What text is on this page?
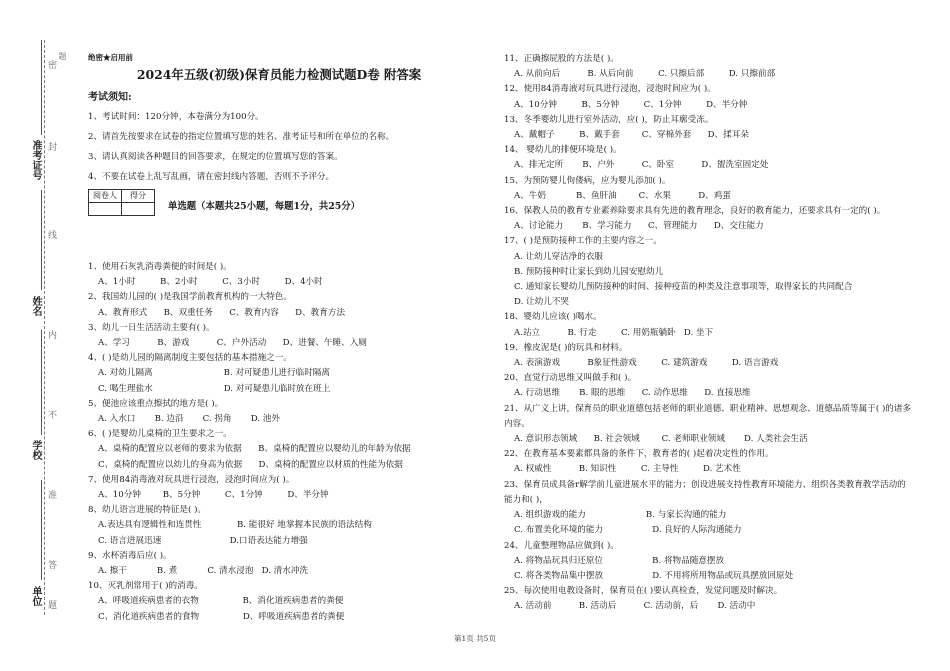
密
封
线
内
不
准
答
题
准考证号
姓名
学校
单位
题	绝密★启用前
2024年五级(初级)保育员能力检测试题D卷 附答案
考试须知:
1、考试时间：120分钟，本卷满分为100分。
2、请首先按要求在试卷的指定位置填写您的姓名、准考证号和所在单位的名称。
3、请认真阅读各种题目的回答要求，在规定的位置填写您的答案。
4、不要在试卷上乱写乱画，请在密封线内答题，否则不予评分。
阅卷人	得分

单选题（本题共25小题，每题1分，共25分）
1、使用石灰乳消毒粪便的时间是( )。
A、1小时         B、2小时         C、3小时         D、4小时
2、我国幼儿园的( )是我国学前教育机构的一大特色。
A、教育形式      B、双重任务      C、教育内容      D、教育方法
3、幼儿一日生活活动主要有( )。
A、学习          B、游戏          C、户外活动      D、进餐、午睡、入厕
4、( )是幼儿园的隔离制度主要包括的基本措施之一。
A. 对幼儿隔离                          B. 对可疑患儿进行临时隔离
C. 喝生理盐水                          D. 对可疑患儿临时放在班上
5、便池应该重点擦拭的地方是( )。
A. 入水口       B. 边沿       C. 拐角       D. 池外
6、( )是婴幼儿桌椅的卫生要求之一。
A、桌椅的配置应以老师的要求为依据      B、桌椅的配置应以婴幼儿的年龄为依据
C、桌椅的配置应以幼儿的身高为依据      D、桌椅的配置应以材质的性能为依据
7、使用84消毒液对玩具进行浸泡，浸泡时间应为( )。
A、10分钟        B、5分钟         C、1分钟         D、半分钟
8、幼儿语言进展的特征是( )。
A.表达具有逻辑性和连贯性             B. 能很好 地掌握本民族的语法结构
C. 语言进展迅速                         D.口语表达能力增强
9、水杯消毒后应( )。
A. 擦干           B. 煮           C. 清水浸泡   D. 清水冲洗
10、灭乳剂常用于( )的消毒。
A、呼吸道疾病患者的衣物                B、消化道疾病患者的粪便
C、消化道疾病患者的食物                D、呼吸道疾病患者的粪便
11、正确擦屁股的方法是( )。
A. 从前向后          B. 从后向前         C. 只擦后部         D. 只擦前部
12、使用84消毒液对玩具进行浸泡，浸泡时间应为( )。
A、10分钟         B、5分钟         C、1分钟         D、半分钟
13、冬季婴幼儿进行室外活动，应( )，防止耳廓受冻。
A、戴帽子         B、戴手套        C、穿棉外套      D、揉耳朵
14、 婴幼儿的排便环境是( )。
A、排无定所       B、户外          C、卧室          D、盥洗室固定处
15、为预防婴儿佝偻病，应为婴儿添加( )。
A、牛奶           B、鱼肝油        C、水果          D、鸡蛋
16、保教人员的教育专业素养除要求具有先进的教育理念，良好的教育能力，还要求具有一定的( )。
A、讨论能力       B、学习能力      C、管理能力      D、交往能力
17、( )是预防接种工作的主要内容之一。
A. 让幼儿穿洁净的衣服
B. 预防接种时让家长到幼儿园安慰幼儿
C. 通知家长婴幼儿预防接种的时间、接种疫苗的种类及注意事项等，取得家长的共同配合
D. 让幼儿不哭
18、婴幼儿应该( )喝水。
A.站立          B. 行走         C. 用奶瓶躺卧   D. 坐下
19、橡皮泥是( )的玩具和材料。
A. 表演游戏          B象征性游戏         C. 建筑游戏         D. 语言游戏
20、直觉行动思维又叫做手和( )。
A. 行动思维       B. 眼的思维      C. 动作思维      D. 直接思维
21、从广义上讲，保育员的职业道德包括老师的职业道德、职业精神、思想观念、道德品质等属于( )的诸多内容。
A. 意识形态领域      B. 社会领域        C. 老师职业领域       D. 人类社会生活
22、在教育基本要素都具备的条件下，教育者的( )起着决定性的作用。
A. 权威性          B. 知识性         C. 主导性         D. 艺术性
23、保育员成具备r解学前儿童进展水平的能力；创设进展支持性教育环境能力、组织各类教育教学活动的能力和( )，
A. 组织游戏的能力                      B. 与家长沟通的能力
C. 布置美化环境的能力                  D. 良好的人际沟通能力
24、儿童整理物品应做到( )。
A. 将物品玩具归还原位                  B. 将物品随意摆放
C. 将各类物品集中摆放                  D. 不用将所用物品或玩具摆放回原处
25、每次使用电教设备时，保育员在( )要认真检查，发觉问题及时解决。
A. 活动前          B. 活动后          C. 活动前，后       D. 活动中
第1页 共5页
